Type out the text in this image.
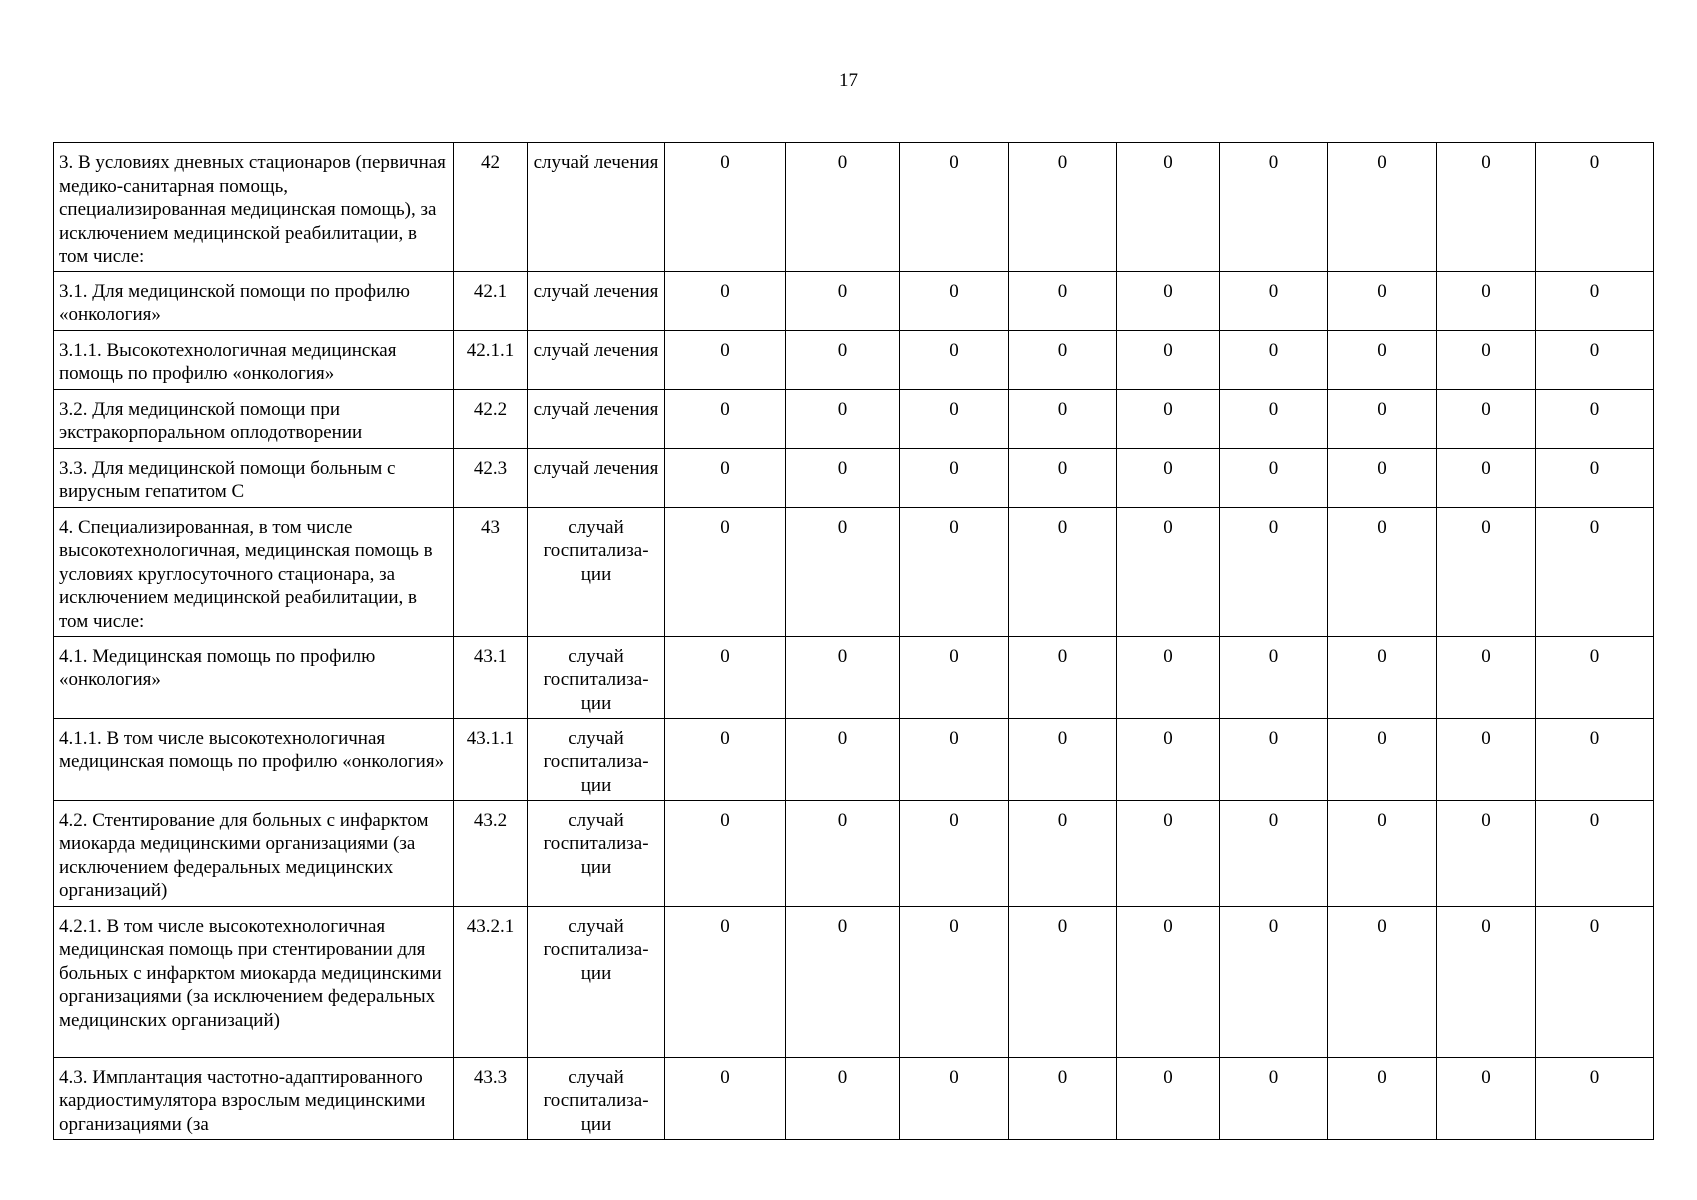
17
3. В условиях дневных стационаров (первичная медико-санитарная помощь, специализированная медицинская помощь), за исключением медицинской реабилитации, в том числе:	42	случай лечения	0	0	0	0	0	0	0	0	0
3.1. Для медицинской помощи по профилю «онкология»	42.1	случай лечения	0	0	0	0	0	0	0	0	0
3.1.1. Высокотехнологичная медицинская помощь по профилю «онкология»	42.1.1	случай лечения	0	0	0	0	0	0	0	0	0
3.2. Для медицинской помощи при экстракорпоральном оплодотворении	42.2	случай лечения	0	0	0	0	0	0	0	0	0
3.3. Для медицинской помощи больным с вирусным гепатитом С	42.3	случай лечения	0	0	0	0	0	0	0	0	0
4. Специализированная, в том числе высокотехнологичная, медицинская помощь в условиях круглосуточного стационара, за исключением медицинской реабилитации, в том числе:	43	случай госпитализа-ции	0	0	0	0	0	0	0	0	0
4.1. Медицинская помощь по профилю «онкология»	43.1	случай госпитализа-ции	0	0	0	0	0	0	0	0	0
4.1.1. В том числе высокотехнологичная медицинская помощь по профилю «онкология»	43.1.1	случай госпитализа-ции	0	0	0	0	0	0	0	0	0
4.2. Стентирование для больных с инфарктом миокарда медицинскими организациями (за исключением федеральных медицинских организаций)	43.2	случай госпитализа-ции	0	0	0	0	0	0	0	0	0
4.2.1. В том числе высокотехнологичная медицинская помощь при стентировании для больных с инфарктом миокарда медицинскими организациями (за исключением федеральных медицинских организаций)	43.2.1	случай госпитализа-ции	0	0	0	0	0	0	0	0	0
4.3. Имплантация частотно-адаптированного кардиостимулятора взрослым медицинскими организациями (за	43.3	случай госпитализа-ции	0	0	0	0	0	0	0	0	0
